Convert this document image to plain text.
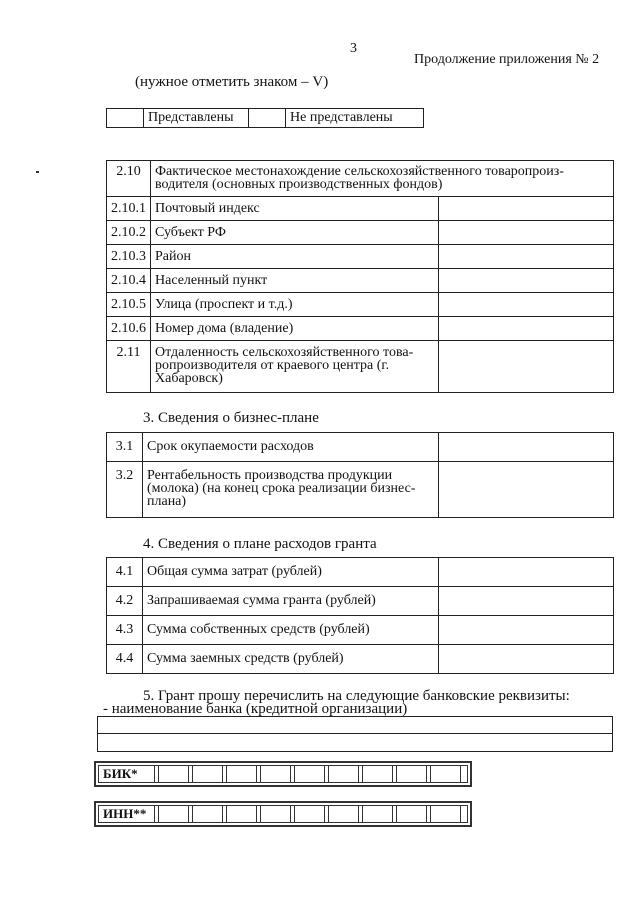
3
Продолжение приложения № 2
(нужное отметить знаком – V)
	Представлены		Не представлены
2.10	Фактическое местонахождение сельскохозяйственного товаропроиз-водителя (основных производственных фондов)	
2.10.1	Почтовый индекс	
2.10.2	Субъект РФ	
2.10.3	Район	
2.10.4	Населенный пункт	
2.10.5	Улица (проспект и т.д.)	
2.10.6	Номер дома (владение)	
2.11	Отдаленность сельскохозяйственного това-ропроизводителя от краевого центра (г. Хабаровск)	
3. Сведения о бизнес-плане
3.1	Срок окупаемости расходов	
3.2	Рентабельность производства продукции (молока) (на конец срока реализации бизнес-плана)	
4. Сведения о плане расходов гранта
4.1	Общая сумма затрат (рублей)	
4.2	Запрашиваемая сумма гранта (рублей)	
4.3	Сумма собственных средств (рублей)	
4.4	Сумма заемных средств (рублей)	
5. Грант прошу перечислить на следующие банковские реквизиты:
- наименование банка (кредитной организации)
БИК*
ИНН**
